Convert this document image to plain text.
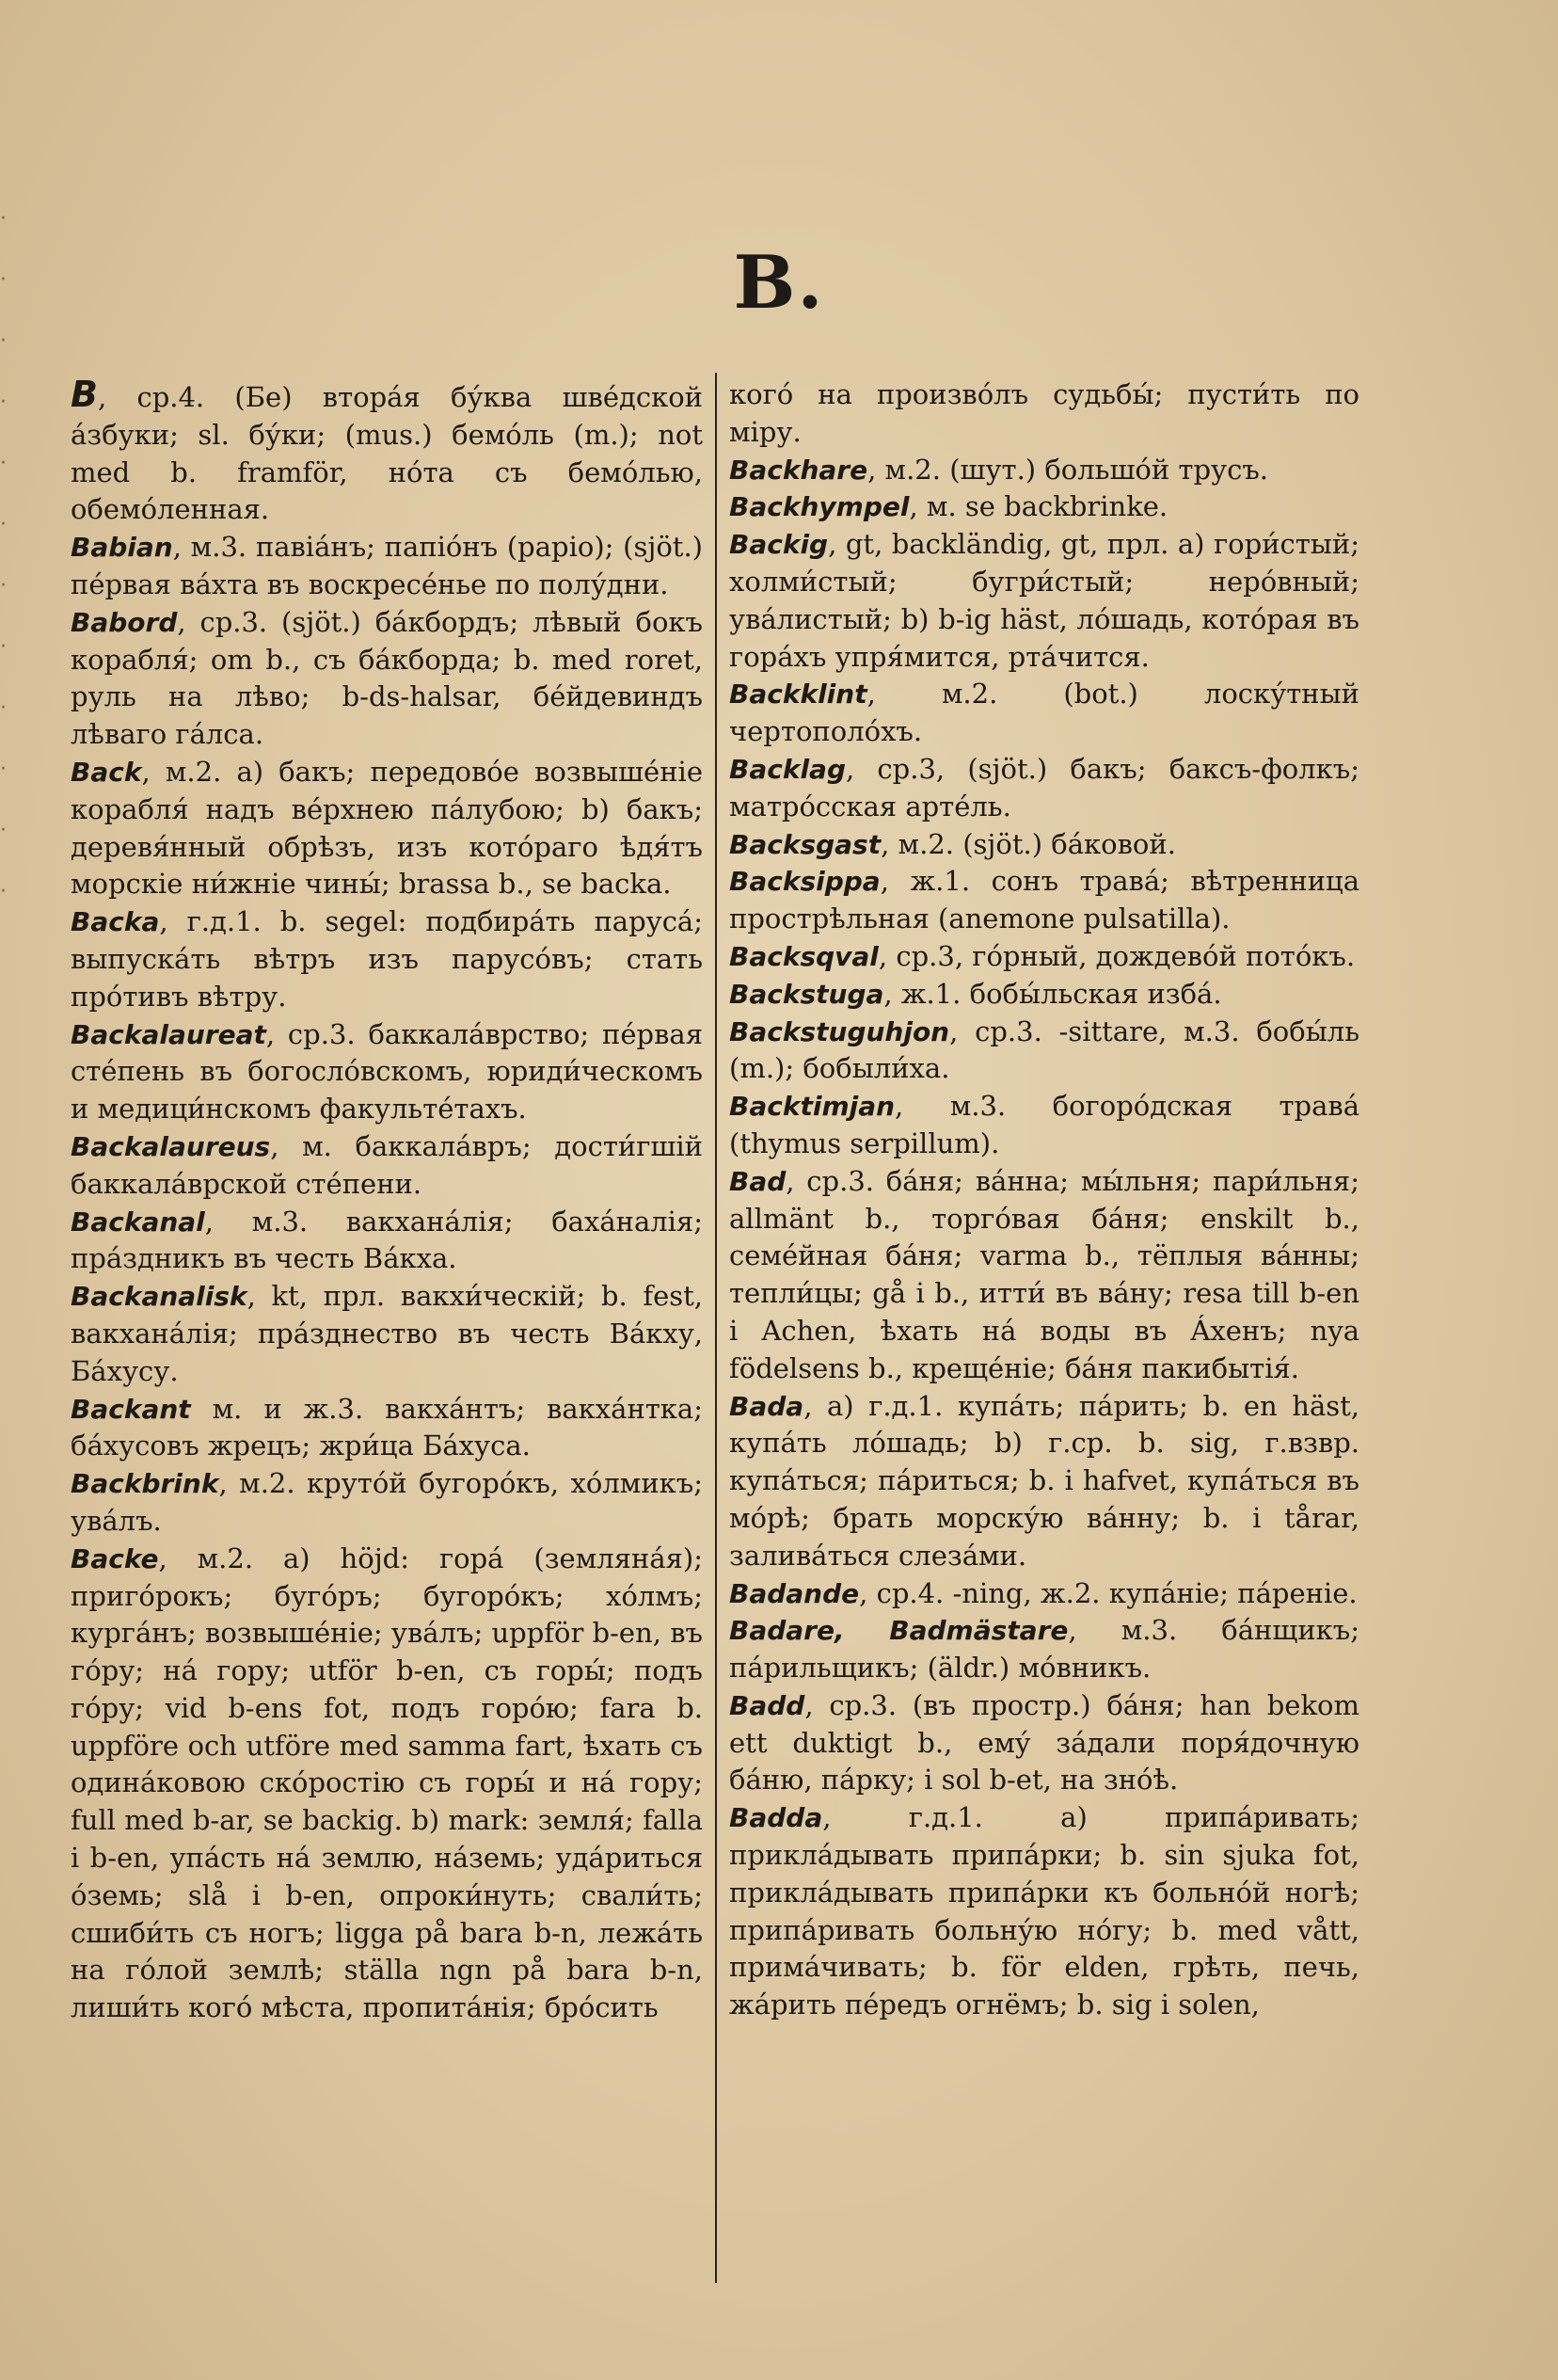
·
·
·
·
·
·
·
·
·
·
·
·
B.
B, ср.4. (Бе) вторáя бу́ква шве́дской áзбуки; sl. бу́ки; (mus.) бемóль (m.); not med b. framför, нóта съ бемóлью, обемóленная.
Babian, м.3. павiáнъ; папióнъ (papio); (sjöt.) пéрвая вáхта въ воскресéнье по полу́дни.
Babord, ср.3. (sjöt.) бáкбордъ; лѣвый бокъ корабля́; om b., съ бáкборда; b. med roret, руль на лѣво; b-ds-halsar, бéйдевиндъ лѣваго гáлса.
Back, м.2. a) бакъ; передовóе возвышéнiе корабля́ надъ вéрхнею пáлубою; b) бакъ; деревя́нный обрѣзъ, изъ котóраго ѣдя́тъ морскiе ни́жнiе чины́; brassa b., se backa.
Backa, г.д.1. b. segel: подбирáть парусá; выпускáть вѣтръ изъ парусóвъ; стать прóтивъ вѣтру.
Backalaureat, ср.3. баккалáврство; пéрвая стéпень въ богослóвскомъ, юриди́ческомъ и медици́нскомъ факультéтахъ.
Backalaureus, м. баккалáвръ; дости́гшiй баккалáврской стéпени.
Backanal, м.3. вакханáлiя; бахáналiя; прáздникъ въ честь Вáкха.
Backanalisk, kt, прл. вакхи́ческiй; b. fest, вакханáлiя; прáзднество въ честь Вáкху, Бáхусу.
Backant м. и ж.3. вакхáнтъ; вакхáнтка; бáхусовъ жрецъ; жри́ца Бáхуса.
Backbrink, м.2. крутóй бугорóкъ, хóлмикъ; увáлъ.
Backe, м.2. a) höjd: горá (землянáя); пригóрокъ; бугóръ; бугорóкъ; хóлмъ; кургáнъ; возвышéнiе; увáлъ; uppför b-en, въ гóру; нá гору; utför b-en, съ горы́; подъ гóру; vid b-ens fot, подъ горóю; fara b. uppföre och utföre med samma fart, ѣхать съ одинáковою скóростiю съ горы́ и нá гору; full med b-ar, se backig. b) mark: земля́; falla i b-en, упáсть нá землю, нáземь; удáриться óземь; slå i b-en, опроки́нуть; свали́ть; сшиби́ть съ ногъ; ligga på bara b-n, лежáть на гóлой землѣ; ställa ngn på bara b-n, лиши́ть когó мѣста, пропитáнiя; брóсить
когó на произвóлъ судьбы́; пусти́ть по мiру.
Backhare, м.2. (шут.) большóй трусъ.
Backhympel, м. se backbrinke.
Backig, gt, backländig, gt, прл. a) гори́стый; холми́стый; бугри́стый; нерóвный; увáлистый; b) b-ig häst, лóшадь, котóрая въ горáхъ упря́мится, ртáчится.
Backklint, м.2. (bot.) лоску́тный чертополóхъ.
Backlag, ср.3, (sjöt.) бакъ; баксъ-фолкъ; матрóсская артéль.
Backsgast, м.2. (sjöt.) бáковой.
Backsippa, ж.1. сонъ травá; вѣтренница прострѣльная (anemone pulsatilla).
Backsqval, ср.3, гóрный, дождевóй потóкъ.
Backstuga, ж.1. бобы́льская избá.
Backstuguhjon, ср.3. -sittare, м.3. бобы́ль (m.); бобыли́ха.
Backtimjan, м.3. богорóдская травá (thymus serpillum).
Bad, ср.3. бáня; вáнна; мы́льня; пари́льня; allmänt b., торгóвая бáня; enskilt b., семéйная бáня; varma b., тёплыя вáнны; тепли́цы; gå i b., итти́ въ вáну; resa till b-en i Achen, ѣхать нá воды въ Áхенъ; nya födelsens b., крещéнiе; бáня пакибытiя́.
Bada, a) г.д.1. купáть; пáрить; b. en häst, купáть лóшадь; b) г.ср. b. sig, г.взвр. купáться; пáриться; b. i hafvet, купáться въ мóрѣ; брать морску́ю вáнну; b. i tårar, заливáться слезáми.
Badande, ср.4. -ning, ж.2. купáнiе; пáренiе.
Badare, Badmästare, м.3. бáнщикъ; пáрильщикъ; (äldr.) мóвникъ.
Badd, ср.3. (въ простр.) бáня; han bekom ett duktigt b., емý зáдали поря́дочную бáню, пáрку; i sol b-et, на знóѣ.
Badda, г.д.1. a) припáривать; приклáдывать припáрки; b. sin sjuka fot, приклáдывать припáрки къ больнóй ногѣ; припáривать больну́ю нóгу; b. med vått, примáчивать; b. för elden, грѣть, печь, жáрить пéредъ огнёмъ; b. sig i solen,
